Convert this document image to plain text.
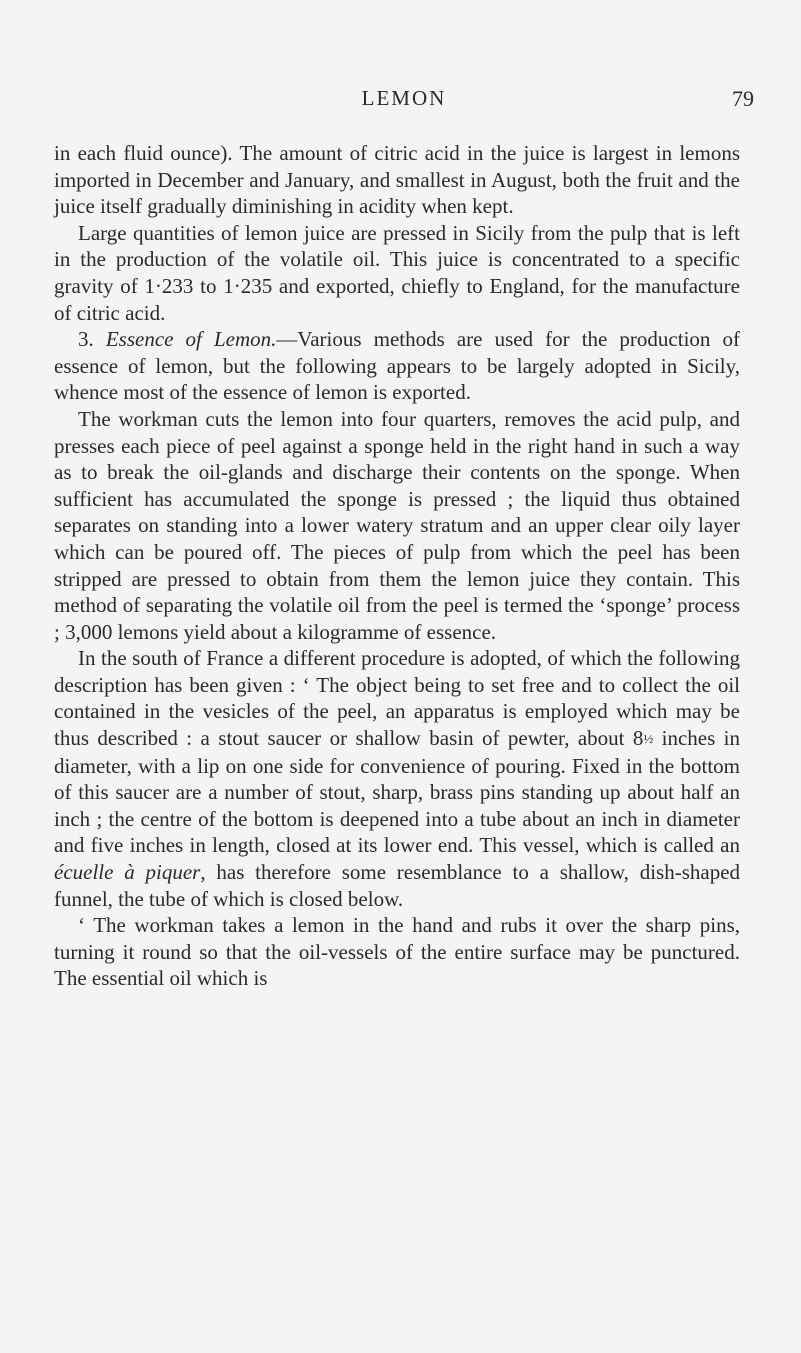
LEMON	79

in each fluid ounce). The amount of citric acid in the juice is largest in lemons imported in December and January, and smallest in August, both the fruit and the juice itself gradually diminishing in acidity when kept.

Large quantities of lemon juice are pressed in Sicily from the pulp that is left in the production of the volatile oil. This juice is concentrated to a specific gravity of 1·233 to 1·235 and exported, chiefly to England, for the manufacture of citric acid.

3. Essence of Lemon.—Various methods are used for the production of essence of lemon, but the following appears to be largely adopted in Sicily, whence most of the essence of lemon is exported.

The workman cuts the lemon into four quarters, removes the acid pulp, and presses each piece of peel against a sponge held in the right hand in such a way as to break the oil-glands and discharge their contents on the sponge. When sufficient has accumulated the sponge is pressed ; the liquid thus obtained separates on standing into a lower watery stratum and an upper clear oily layer which can be poured off. The pieces of pulp from which the peel has been stripped are pressed to obtain from them the lemon juice they contain. This method of separating the volatile oil from the peel is termed the ‘sponge’ process ; 3,000 lemons yield about a kilogramme of essence.

In the south of France a different procedure is adopted, of which the following description has been given : ‘ The object being to set free and to collect the oil contained in the vesicles of the peel, an apparatus is employed which may be thus described : a stout saucer or shallow basin of pewter, about 8½ inches in diameter, with a lip on one side for convenience of pouring. Fixed in the bottom of this saucer are a number of stout, sharp, brass pins standing up about half an inch ; the centre of the bottom is deepened into a tube about an inch in diameter and five inches in length, closed at its lower end. This vessel, which is called an écuelle à piquer, has therefore some resemblance to a shallow, dish-shaped funnel, the tube of which is closed below.

‘ The workman takes a lemon in the hand and rubs it over the sharp pins, turning it round so that the oil-vessels of the entire surface may be punctured. The essential oil which is
